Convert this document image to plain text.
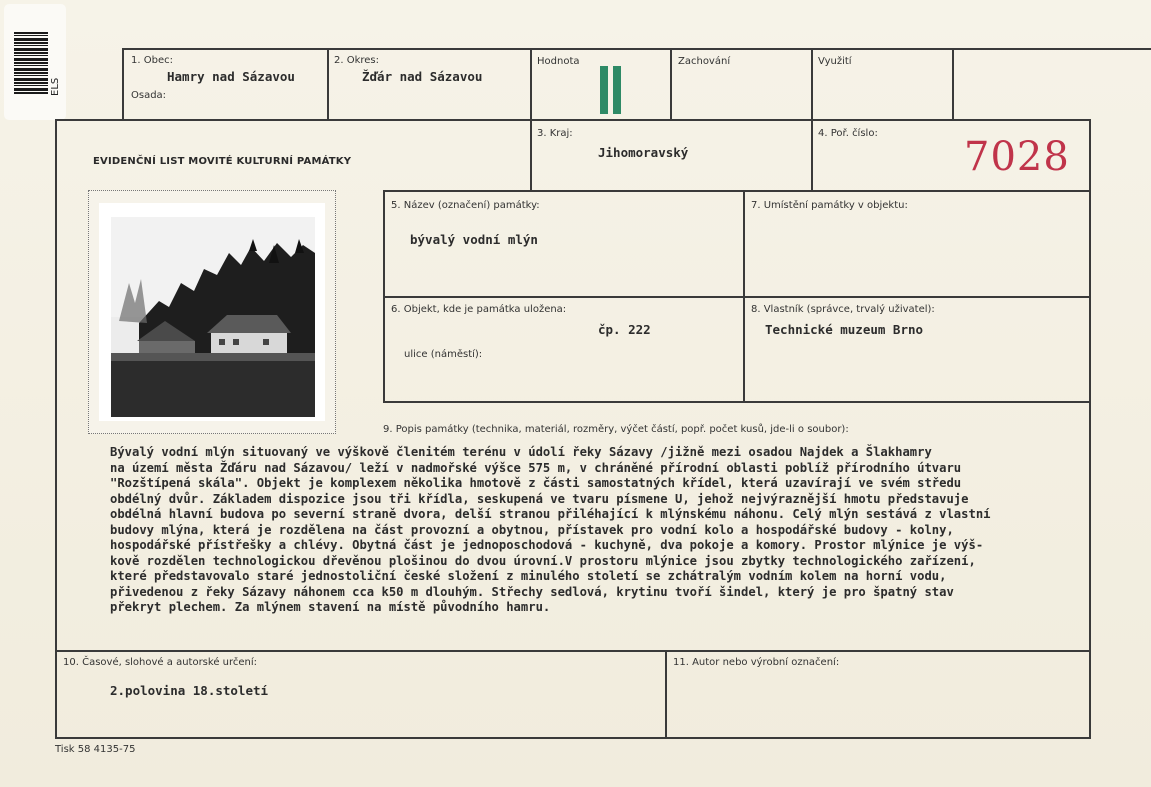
ELS
1. Obec:
Hamry nad Sázavou
Osada:
2. Okres:
Žďár nad Sázavou
Hodnota	Zachování	Využití
3. Kraj:
Jihomoravský
4. Poř. číslo:
7028
EVIDENČNÍ LIST MOVITÉ KULTURNÍ PAMÁTKY
5. Název (označení) památky:
bývalý vodní mlýn
7. Umístění památky v objektu:
6. Objekt, kde je památka uložena:
čp. 222
ulice (náměstí):
8. Vlastník (správce, trvalý uživatel):
Technické muzeum Brno
9. Popis památky (technika, materiál, rozměry, výčet částí, popř. počet kusů, jde-li o soubor):
Bývalý vodní mlýn situovaný ve výškově členitém terénu v údolí řeky Sázavy /jižně mezi osadou Najdek a Šlakhamry
na území města Žďáru nad Sázavou/ leží v nadmořské výšce 575 m, v chráněné přírodní oblasti poblíž přírodního útvaru
"Rozštípená skála". Objekt je komplexem několika hmotově z části samostatných křídel, která uzavírají ve svém středu
obdélný dvůr. Základem dispozice jsou tři křídla, seskupená ve tvaru písmene U, jehož nejvýraznější hmotu představuje
obdélná hlavní budova po severní straně dvora, delší stranou přiléhající k mlýnskému náhonu. Celý mlýn sestává z vlastní
budovy mlýna, která je rozdělena na část provozní a obytnou, přístavek pro vodní kolo a hospodářské budovy - kolny,
hospodářské přístřešky a chlévy. Obytná část je jednoposchodová - kuchyně, dva pokoje a komory. Prostor mlýnice je výš-
kově rozdělen technologickou dřevěnou plošinou do dvou úrovní.V prostoru mlýnice jsou zbytky technologického zařízení,
které představovalo staré jednostoliční české složení z minulého století se zchátralým vodním kolem na horní vodu,
přivedenou z řeky Sázavy náhonem cca k50 m dlouhým. Střechy sedlová, krytinu tvoří šindel, který je pro špatný stav
překryt plechem. Za mlýnem stavení na místě původního hamru.
10. Časové, slohové a autorské určení:
2.polovina 18.století
11. Autor nebo výrobní označení:
Tisk 58 4135-75
